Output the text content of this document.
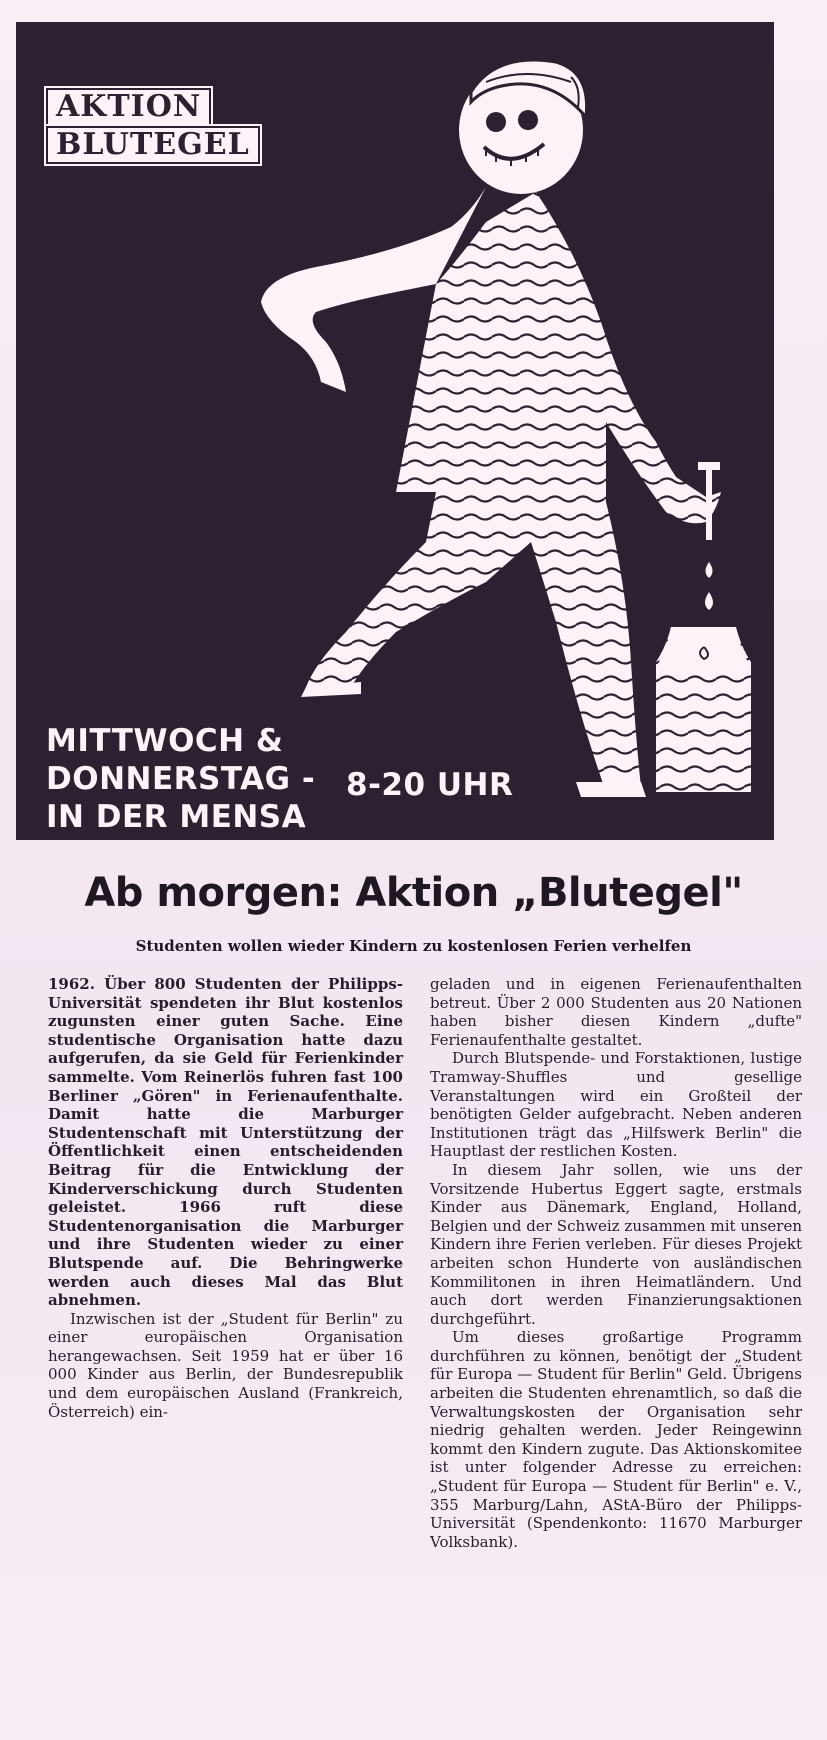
AKTION
BLUTEGEL
MITTWOCH &
DONNERSTAG -
IN DER MENSA
8-20 UHR
Ab morgen: Aktion „Blutegel"
Studenten wollen wieder Kindern zu kostenlosen Ferien verhelfen

1962. Über 800 Studenten der Philipps-Universität spendeten ihr Blut kostenlos zugunsten einer guten Sache. Eine studentische Organisation hatte dazu aufgerufen, da sie Geld für Ferienkinder sammelte. Vom Reinerlös fuhren fast 100 Berliner „Gören" in Ferienaufenthalte. Damit hatte die Marburger Studentenschaft mit Unterstützung der Öffentlichkeit einen entscheidenden Beitrag für die Entwicklung der Kinderverschickung durch Studenten geleistet. 1966 ruft diese Studentenorganisation die Marburger und ihre Studenten wieder zu einer Blutspende auf. Die Behringwerke werden auch dieses Mal das Blut abnehmen.

Inzwischen ist der „Student für Berlin" zu einer europäischen Organisation herangewachsen. Seit 1959 hat er über 16 000 Kinder aus Berlin, der Bundesrepublik und dem europäischen Ausland (Frankreich, Österreich) ein-

geladen und in eigenen Ferienaufenthalten betreut. Über 2 000 Studenten aus 20 Nationen haben bisher diesen Kindern „dufte" Ferienaufenthalte gestaltet.

Durch Blutspende- und Forstaktionen, lustige Tramway-Shuffles und gesellige Veranstaltungen wird ein Großteil der benötigten Gelder aufgebracht. Neben anderen Institutionen trägt das „Hilfswerk Berlin" die Hauptlast der restlichen Kosten.

In diesem Jahr sollen, wie uns der Vorsitzende Hubertus Eggert sagte, erstmals Kinder aus Dänemark, England, Holland, Belgien und der Schweiz zusammen mit unseren Kindern ihre Ferien verleben. Für dieses Projekt arbeiten schon Hunderte von ausländischen Kommilitonen in ihren Heimatländern. Und auch dort werden Finanzierungsaktionen durchgeführt.

Um dieses großartige Programm durchführen zu können, benötigt der „Student für Europa — Student für Berlin" Geld. Übrigens arbeiten die Studenten ehrenamtlich, so daß die Verwaltungskosten der Organisation sehr niedrig gehalten werden. Jeder Reingewinn kommt den Kindern zugute. Das Aktionskomitee ist unter folgender Adresse zu erreichen: „Student für Europa — Student für Berlin" e. V., 355 Marburg/Lahn, AStA-Büro der Philipps-Universität (Spendenkonto: 11670 Marburger Volksbank).
